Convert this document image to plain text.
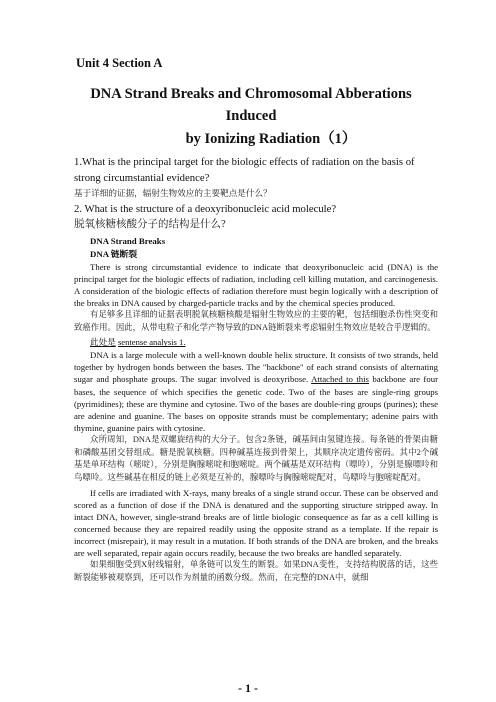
Unit 4 Section A
DNA Strand Breaks and Chromosomal Abberations Induced
by Ionizing Radiation（1）

1.What is the principal target for the biologic effects of radiation on the basis of strong circumstantial evidence?

基于详细的证据，辐射生物效应的主要靶点是什么？

2. What is the structure of a deoxyribonucleic acid molecule?

脱氧核糖核酸分子的结构是什么?

DNA Strand Breaks
DNA 链断裂

There is strong circumstantial evidence to indicate that deoxyribonucleic acid (DNA) is the principal target for the biologic effects of radiation, including cell killing mutation, and carcinogenesis. A consideration of the biologic effects of radiation therefore must begin logically with a description of the breaks in DNA caused by charged-particle tracks and by the chemical species produced.

有足够多且详细的证据表明脱氧核糖核酸是辐射生物效应的主要的靶，包括细胞杀伤性突变和致癌作用。因此，从带电粒子和化学产物导致的DNA链断裂来考虑辐射生物效应是较合乎逻辑的。

此处是 sentense analysis 1.

DNA is a large molecule with a well-known double helix structure. It consists of two strands, held together by hydrogen bonds between the bases. The "backbone" of each strand consists of alternating sugar and phosphate groups. The sugar involved is deoxyribose. Attached to this backbone are four bases, the sequence of which specifies the genetic code. Two of the bases are single-ring groups (pyrimidines); these are thymine and cytosine. Two of the bases are double-ring groups (purines); these are adenine and guanine. The bases on opposite strands must be complementary; adenine pairs with thymine, guanine pairs with cytosine.

众所周知，DNA是双螺旋结构的大分子。包含2条链，碱基间由氢键连接。每条链的骨架由糖和磷酸基团交替组成。糖是脱氧核糖。四种碱基连接到骨架上，其顺序决定遗传密码。其中2个碱基是单环结构（嘧啶），分别是胸腺嘧啶和胞嘧啶。两个碱基是双环结构（嘌呤），分别是腺嘌呤和鸟嘌呤。这些碱基在相反的链上必须是互补的，腺嘌呤与胸腺嘧啶配对，鸟嘌呤与胞嘧啶配对。

If cells are irradiated with X-rays, many breaks of a single strand occur. These can be observed and scored as a function of dose if the DNA is denatured and the supporting structure stripped away. In intact DNA, however, single-strand breaks are of little biologic consequence as far as a cell killing is concerned because they are repaired readily using the opposite strand as a template. If the repair is incorrect (misrepair), it may result in a mutation. If both strands of the DNA are broken, and the breaks are well separated, repair again occurs readily, because the two breaks are handled separately.

如果细胞受到X射线辐射，单条链可以发生的断裂。如果DNA变性，支持结构脱落的话，这些断裂能够被观察到，还可以作为剂量的函数分级。然而，在完整的DNA中，就细

- 1 -
